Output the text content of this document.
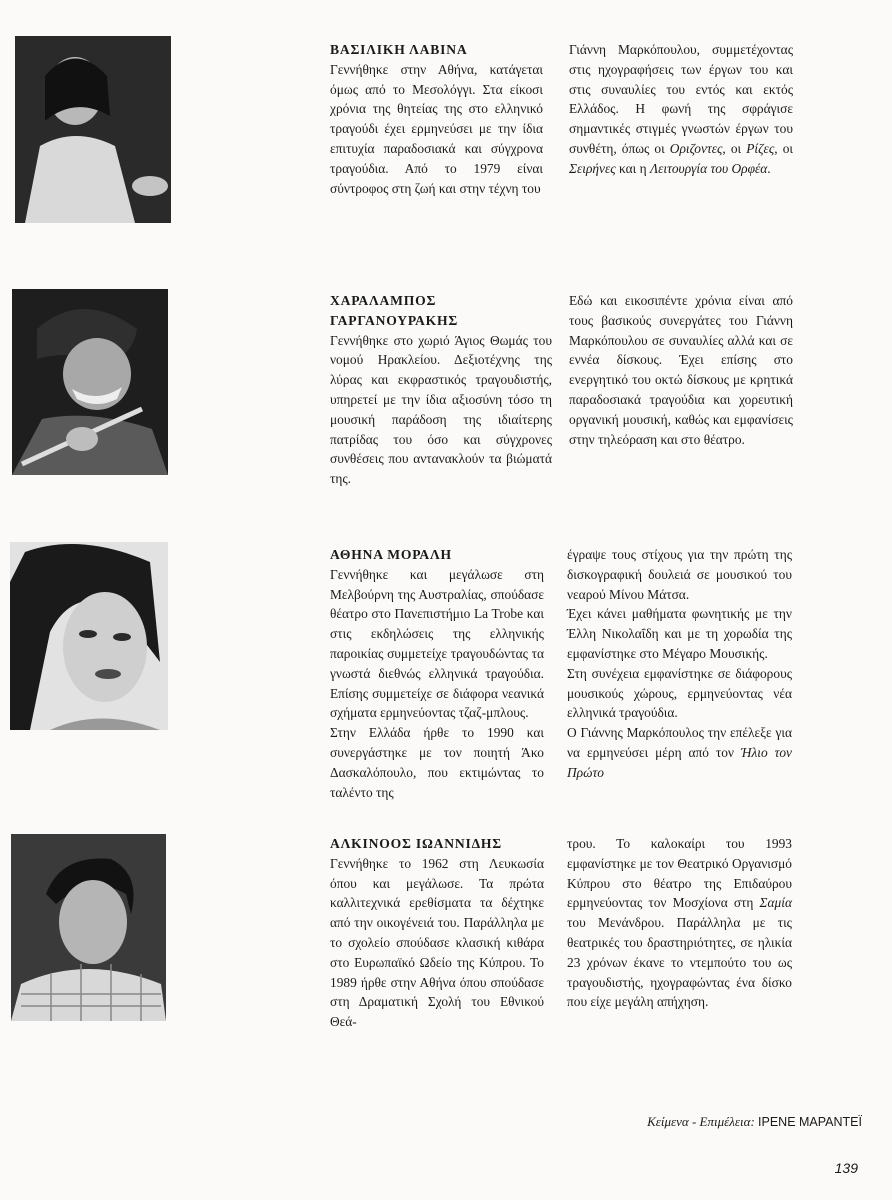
ΒΑΣΙΛΙΚΗ ΛΑΒΙΝΑ

Γεννήθηκε στην Αθήνα, κατάγεται όμως από το Μεσολόγγι. Στα είκοσι χρόνια της θητείας της στο ελληνικό τραγούδι έχει ερμηνεύσει με την ίδια επιτυχία παραδοσιακά και σύγχρονα τραγούδια. Από το 1979 είναι σύντροφος στη ζωή και στην τέχνη του

Γιάννη Μαρκόπουλου, συμμετέχοντας στις ηχογραφήσεις των έργων του και στις συναυλίες του εντός και εκτός Ελλάδος. Η φωνή της σφράγισε σημαντικές στιγμές γνωστών έργων του συνθέτη, όπως οι Οριζοντες, οι Ρίζες, οι Σειρήνες και η Λειτουργία του Ορφέα.

ΧΑΡΑΛΑΜΠΟΣ ΓΑΡΓΑΝΟΥΡΑΚΗΣ

Γεννήθηκε στο χωριό Άγιος Θωμάς του νομού Ηρακλείου. Δεξιοτέχνης της λύρας και εκφραστικός τραγουδιστής, υπηρετεί με την ίδια αξιοσύνη τόσο τη μουσική παράδοση της ιδιαίτερης πατρίδας του όσο και σύγχρονες συνθέσεις που αντανακλούν τα βιώματά της.

Εδώ και εικοσιπέντε χρόνια είναι από τους βασικούς συνεργάτες του Γιάννη Μαρκόπουλου σε συναυλίες αλλά και σε εννέα δίσκους. Έχει επίσης στο ενεργητικό του οκτώ δίσκους με κρητικά παραδοσιακά τραγούδια και χορευτική οργανική μουσική, καθώς και εμφανίσεις στην τηλεόραση και στο θέατρο.

ΑΘΗΝΑ ΜΟΡΑΛΗ

Γεννήθηκε και μεγάλωσε στη Μελβούρνη της Αυστραλίας, σπούδασε θέατρο στο Πανεπιστήμιο La Trobe και στις εκδηλώσεις της ελληνικής παροικίας συμμετείχε τραγουδώντας τα γνωστά διεθνώς ελληνικά τραγούδια. Επίσης συμμετείχε σε διάφορα νεανικά σχήματα ερμηνεύοντας τζαζ-μπλους.

Στην Ελλάδα ήρθε το 1990 και συνεργάστηκε με τον ποιητή Άκο Δασκαλόπουλο, που εκτιμώντας το ταλέντο της

έγραψε τους στίχους για την πρώτη της δισκογραφική δουλειά σε μουσικού του νεαρού Μίνου Μάτσα.

Έχει κάνει μαθήματα φωνητικής με την Έλλη Νικολαΐδη και με τη χορωδία της εμφανίστηκε στο Μέγαρο Μουσικής.

Στη συνέχεια εμφανίστηκε σε διάφορους μουσικούς χώρους, ερμηνεύοντας νέα ελληνικά τραγούδια.

Ο Γιάννης Μαρκόπουλος την επέλεξε για να ερμηνεύσει μέρη από τον Ήλιο τον Πρώτο

ΑΛΚΙΝΟΟΣ ΙΩΑΝΝΙΔΗΣ

Γεννήθηκε το 1962 στη Λευκωσία όπου και μεγάλωσε. Τα πρώτα καλλιτεχνικά ερεθίσματα τα δέχτηκε από την οικογένειά του. Παράλληλα με το σχολείο σπούδασε κλασική κιθάρα στο Ευρωπαϊκό Ωδείο της Κύπρου. Το 1989 ήρθε στην Αθήνα όπου σπούδασε στη Δραματική Σχολή του Εθνικού Θεά-

τρου. Το καλοκαίρι του 1993 εμφανίστηκε με τον Θεατρικό Οργανισμό Κύπρου στο θέατρο της Επιδαύρου ερμηνεύοντας τον Μοσχίονα στη Σαμία του Μενάνδρου. Παράλληλα με τις θεατρικές του δραστηριότητες, σε ηλικία 23 χρόνων έκανε το ντεμπούτο του ως τραγουδιστής, ηχογραφώντας ένα δίσκο που είχε μεγάλη απήχηση.

Κείμενα - Επιμέλεια: ΙΡΕΝΕ ΜΑΡΑΝΤΕΪ
139
